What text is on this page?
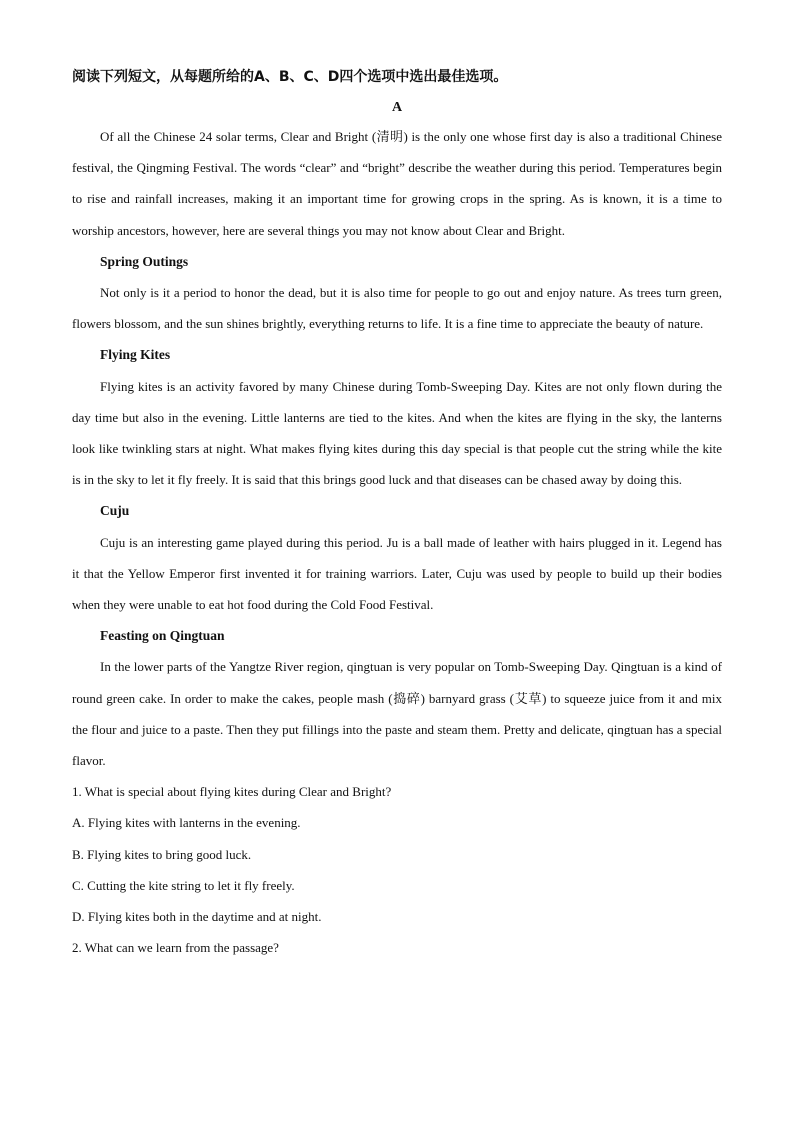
阅读下列短文，从每题所给的A、B、C、D四个选项中选出最佳选项。

A

Of all the Chinese 24 solar terms, Clear and Bright (清明) is the only one whose first day is also a traditional Chinese festival, the Qingming Festival. The words “clear” and “bright” describe the weather during this period. Temperatures begin to rise and rainfall increases, making it an important time for growing crops in the spring. As is known, it is a time to worship ancestors, however, here are several things you may not know about Clear and Bright.

Spring Outings

Not only is it a period to honor the dead, but it is also time for people to go out and enjoy nature. As trees turn green, flowers blossom, and the sun shines brightly, everything returns to life. It is a fine time to appreciate the beauty of nature.

Flying Kites

Flying kites is an activity favored by many Chinese during Tomb-Sweeping Day. Kites are not only flown during the day time but also in the evening. Little lanterns are tied to the kites. And when the kites are flying in the sky, the lanterns look like twinkling stars at night. What makes flying kites during this day special is that people cut the string while the kite is in the sky to let it fly freely. It is said that this brings good luck and that diseases can be chased away by doing this.

Cuju

Cuju is an interesting game played during this period. Ju is a ball made of leather with hairs plugged in it. Legend has it that the Yellow Emperor first invented it for training warriors. Later, Cuju was used by people to build up their bodies when they were unable to eat hot food during the Cold Food Festival.

Feasting on Qingtuan

In the lower parts of the Yangtze River region, qingtuan is very popular on Tomb-Sweeping Day. Qingtuan is a kind of round green cake. In order to make the cakes, people mash (捣碎) barnyard grass (艾草) to squeeze juice from it and mix the flour and juice to a paste. Then they put fillings into the paste and steam them. Pretty and delicate, qingtuan has a special flavor.

1. What is special about flying kites during Clear and Bright?

A. Flying kites with lanterns in the evening.

B. Flying kites to bring good luck.

C. Cutting the kite string to let it fly freely.

D. Flying kites both in the daytime and at night.

2. What can we learn from the passage?
